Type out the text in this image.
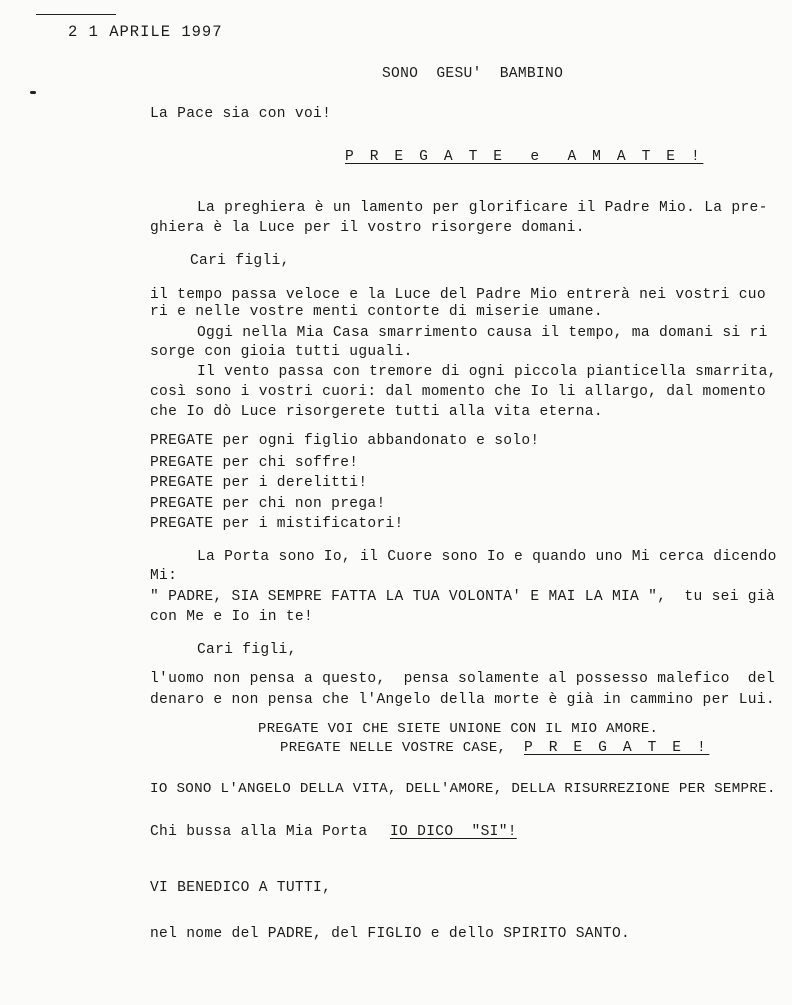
2 1 APRILE 1997
SONO  GESU'  BAMBINO
La Pace sia con voi!
P R E G A T E  e  A M A T E !
La preghiera è un lamento per glorificare il Padre Mio. La pre-
ghiera è la Luce per il vostro risorgere domani.
Cari figli,
il tempo passa veloce e la Luce del Padre Mio entrerà nei vostri cuo
ri e nelle vostre menti contorte di miserie umane.
Oggi nella Mia Casa smarrimento causa il tempo, ma domani si ri
sorge con gioia tutti uguali.
Il vento passa con tremore di ogni piccola pianticella smarrita,
così sono i vostri cuori: dal momento che Io li allargo, dal momento
che Io dò Luce risorgerete tutti alla vita eterna.
PREGATE per ogni figlio abbandonato e solo!
PREGATE per chi soffre!
PREGATE per i derelitti!
PREGATE per chi non prega!
PREGATE per i mistificatori!
La Porta sono Io, il Cuore sono Io e quando uno Mi cerca dicendo
Mi:
" PADRE, SIA SEMPRE FATTA LA TUA VOLONTA' E MAI LA MIA ",  tu sei già
con Me e Io in te!
Cari figli,
l'uomo non pensa a questo,  pensa solamente al possesso malefico  del
denaro e non pensa che l'Angelo della morte è già in cammino per Lui.
PREGATE VOI CHE SIETE UNIONE CON IL MIO AMORE.
PREGATE NELLE VOSTRE CASE, P R E G A T E !
IO SONO L'ANGELO DELLA VITA, DELL'AMORE, DELLA RISURREZIONE PER SEMPRE.
Chi bussa alla Mia Porta IO DICO  "SI"!
VI BENEDICO A TUTTI,
nel nome del PADRE, del FIGLIO e dello SPIRITO SANTO.
